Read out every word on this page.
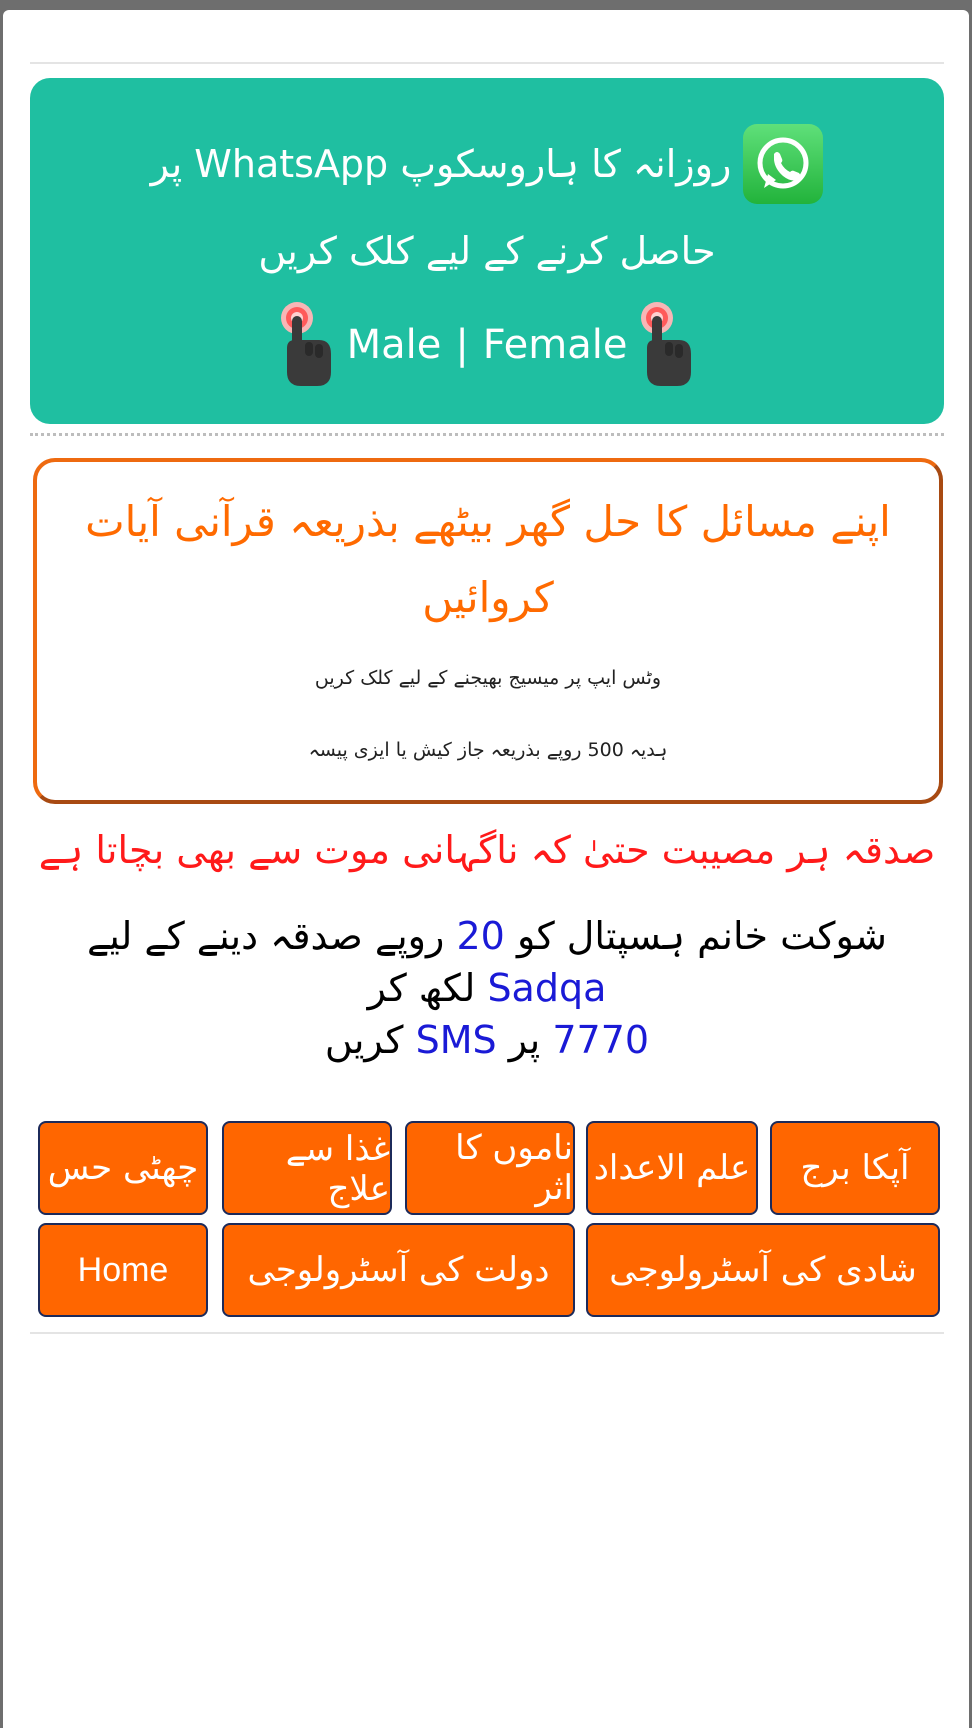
روزانہ کا ہاروسکوپ WhatsApp پر
حاصل کرنے کے لیے کلک کریں
Male | Female
اپنے مسائل کا حل گھر بیٹھے بذریعہ قرآنی آیات کروائیں
وٹس ایپ پر میسیج بھیجنے کے لیے کلک کریں
ہدیہ 500 روپے بذریعہ جاز کیش یا ایزی پیسہ
صدقہ ہر مصیبت حتیٰ کہ ناگہانی موت سے بھی بچاتا ہے
شوکت خانم ہسپتال کو 20 روپے صدقہ دینے کے لیے
Sadqa لکھ کر
7770 پر SMS کریں
آپکا برج
علم الاعداد
ناموں کا اثر
غذا سے علاج
چھٹی حس
شادی کی آسٹرولوجی
دولت کی آسٹرولوجی
Home
